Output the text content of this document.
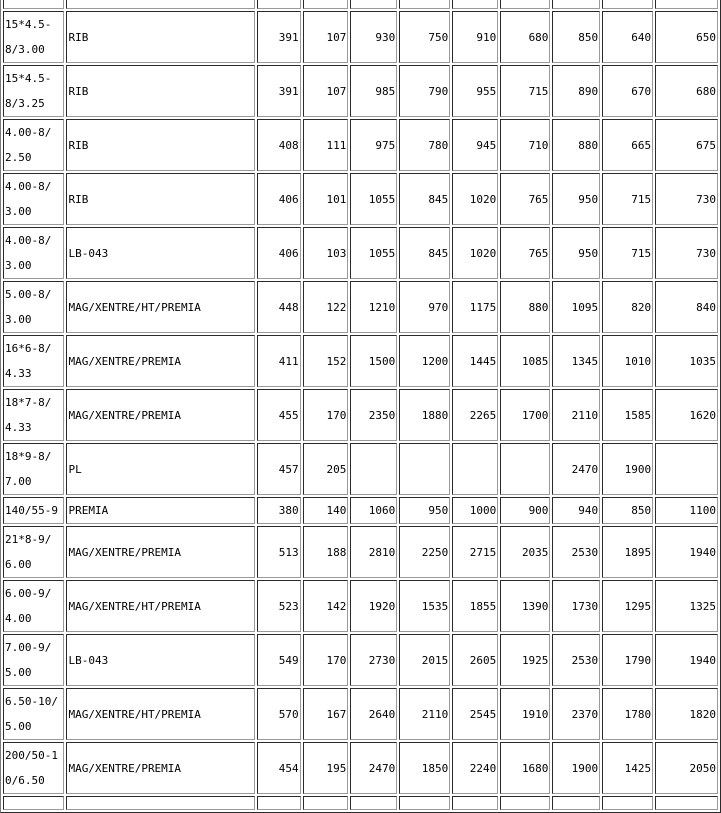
15*4.5-8/3.00	RIB	391	107	930	750	910	680	850	640	650
15*4.5-8/3.25	RIB	391	107	985	790	955	715	890	670	680
4.00-8/2.50	RIB	408	111	975	780	945	710	880	665	675
4.00-8/3.00	RIB	406	101	1055	845	1020	765	950	715	730
4.00-8/3.00	LB-043	406	103	1055	845	1020	765	950	715	730
5.00-8/3.00	MAG/XENTRE/HT/PREMIA	448	122	1210	970	1175	880	1095	820	840
16*6-8/4.33	MAG/XENTRE/PREMIA	411	152	1500	1200	1445	1085	1345	1010	1035
18*7-8/4.33	MAG/XENTRE/PREMIA	455	170	2350	1880	2265	1700	2110	1585	1620
18*9-8/7.00	PL	457	205					2470	1900	
140/55-9	PREMIA	380	140	1060	950	1000	900	940	850	1100
21*8-9/6.00	MAG/XENTRE/PREMIA	513	188	2810	2250	2715	2035	2530	1895	1940
6.00-9/4.00	MAG/XENTRE/HT/PREMIA	523	142	1920	1535	1855	1390	1730	1295	1325
7.00-9/5.00	LB-043	549	170	2730	2015	2605	1925	2530	1790	1940
6.50-10/5.00	MAG/XENTRE/HT/PREMIA	570	167	2640	2110	2545	1910	2370	1780	1820
200/50-10/6.50	MAG/XENTRE/PREMIA	454	195	2470	1850	2240	1680	1900	1425	2050
